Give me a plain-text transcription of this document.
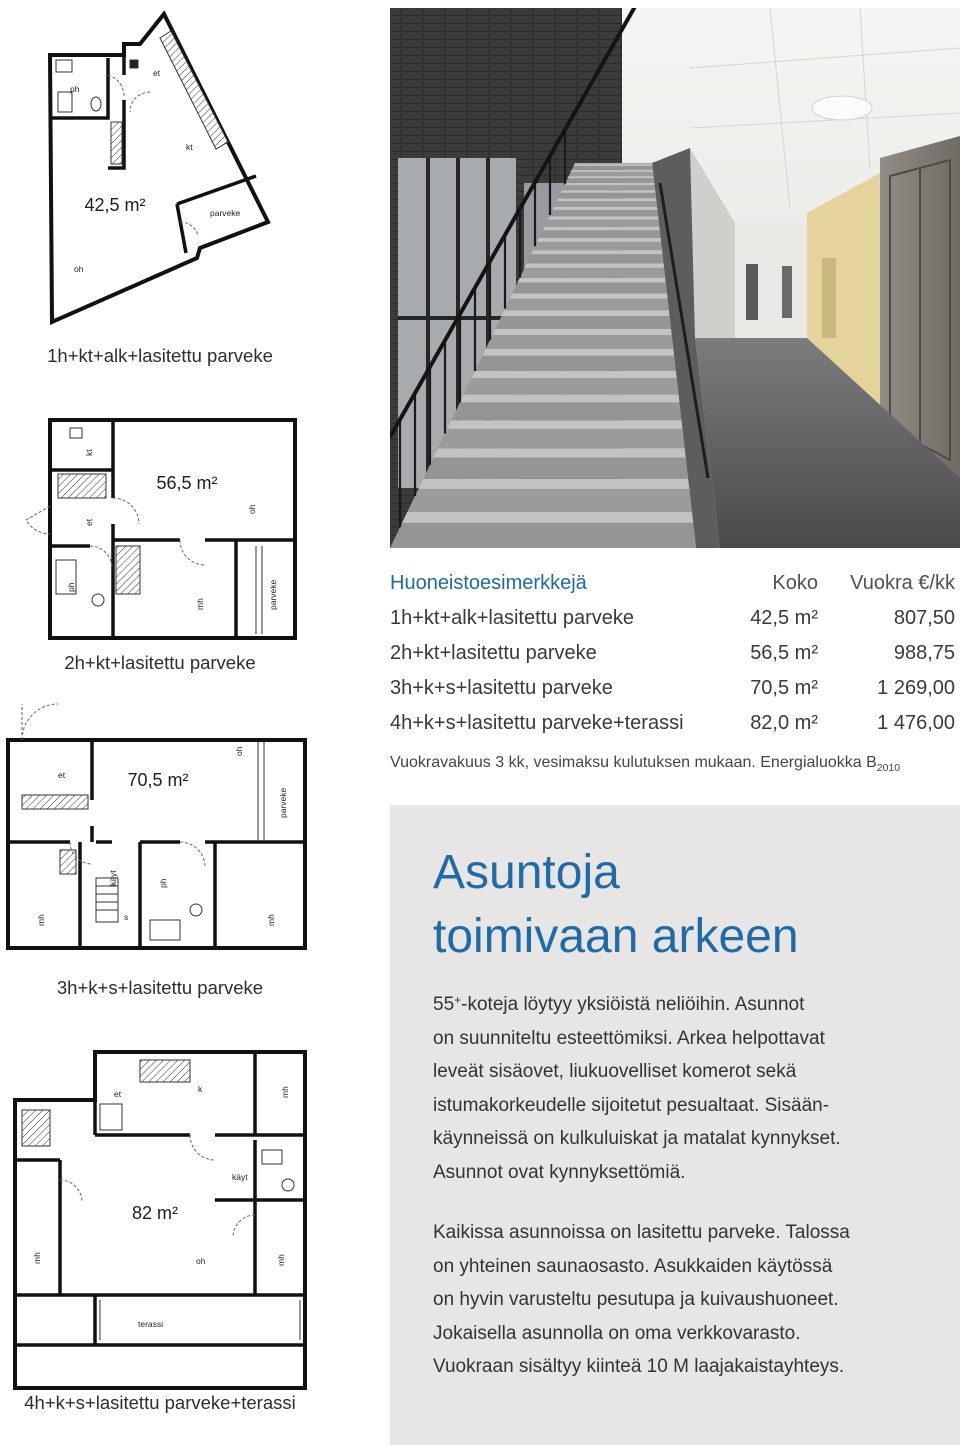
ph
et
kt
parveke
oh
42,5 m²
kt
et
ph
oh
mh	parveke
56,5 m²
et
oh
parveke
mh
käyt
s
ph
mh
70,5 m²
k	mh
et
käyt
oh
mh	mh
terassi
82 m²
1h+kt+alk+lasitettu parveke
2h+kt+lasitettu parveke
3h+k+s+lasitettu parveke
4h+k+s+lasitettu parveke+terassi
Huoneistoesimerkkejä	Koko	Vuokra €/kk
1h+kt+alk+lasitettu parveke	42,5 m²	807,50
2h+kt+lasitettu parveke	56,5 m²	988,75
3h+k+s+lasitettu parveke	70,5 m²	1 269,00
4h+k+s+lasitettu parveke+terassi	82,0 m²	1 476,00
Vuokravakuus 3 kk, vesimaksu kulutuksen mukaan. Energialuokka $B_{2010}$
Asuntoja
toimivaan arkeen
55+-koteja löytyy yksiöistä neliöihin. Asunnot
on suunniteltu esteettömiksi. Arkea helpottavat
leveät sisäovet, liukuovelliset komerot sekä
istumakorkeudelle sijoitetut pesualtaat. Sisään-
käynneissä on kulkuluiskat ja matalat kynnykset.
Asunnot ovat kynnyksettömiä.
Kaikissa asunnoissa on lasitettu parveke. Talossa
on yhteinen saunaosasto. Asukkaiden käytössä
on hyvin varusteltu pesutupa ja kuivaushuoneet.
Jokaisella asunnolla on oma verkkovarasto.
Vuokraan sisältyy kiinteä 10 M laajakaistayhteys.
